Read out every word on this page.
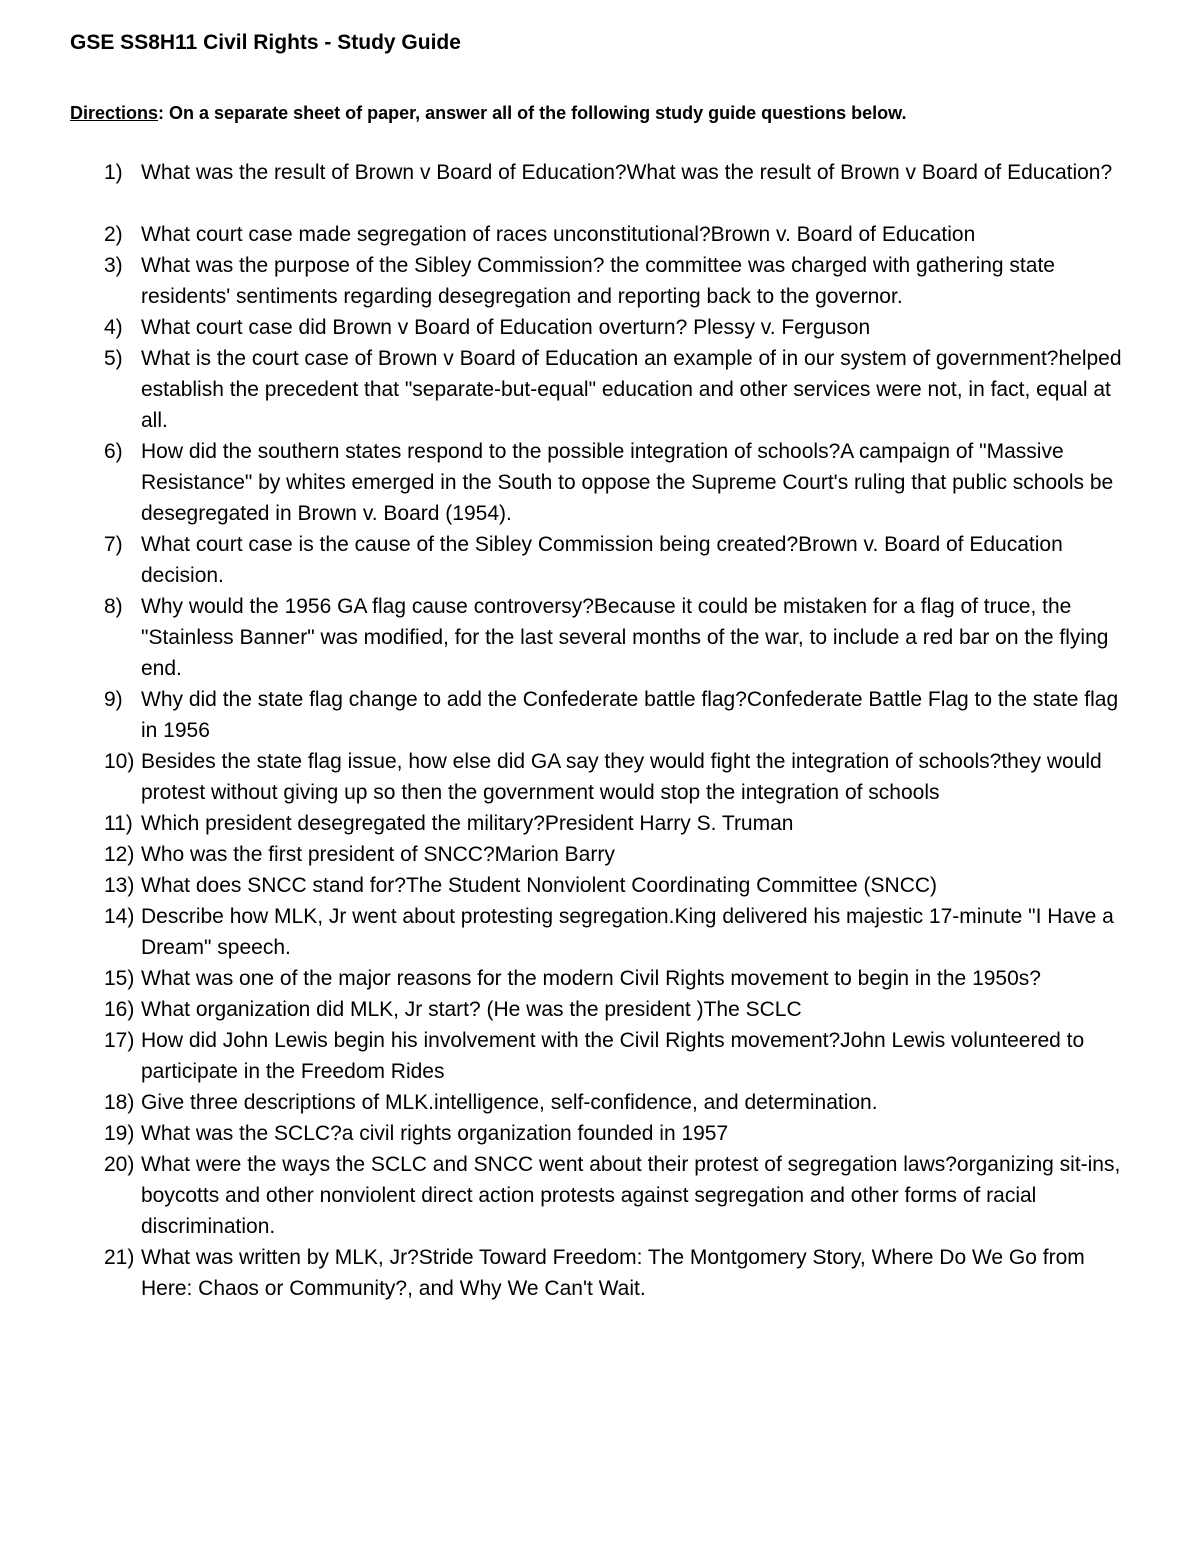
GSE SS8H11 Civil Rights - Study Guide

Directions: On a separate sheet of paper, answer all of the following study guide questions below.

1) What was the result of Brown v Board of Education?What was the result of Brown v Board of Education?
2) What court case made segregation of races unconstitutional?Brown v. Board of Education
3) What was the purpose of the Sibley Commission? the committee was charged with gathering state residents' sentiments regarding desegregation and reporting back to the governor.
4) What court case did Brown v Board of Education overturn? Plessy v. Ferguson
5) What is the court case of Brown v Board of Education an example of in our system of government?helped establish the precedent that "separate-but-equal" education and other services were not, in fact, equal at all.
6) How did the southern states respond to the possible integration of schools?A campaign of "Massive Resistance" by whites emerged in the South to oppose the Supreme Court's ruling that public schools be desegregated in Brown v. Board (1954).
7) What court case is the cause of the Sibley Commission being created?Brown v. Board of Education decision.
8) Why would the 1956 GA flag cause controversy?Because it could be mistaken for a flag of truce, the "Stainless Banner" was modified, for the last several months of the war, to include a red bar on the flying end.
9) Why did the state flag change to add the Confederate battle flag?Confederate Battle Flag to the state flag in 1956
10) Besides the state flag issue, how else did GA say they would fight the integration of schools?they would protest without giving up so then the government would stop the integration of schools
11) Which president desegregated the military?President Harry S. Truman
12) Who was the first president of SNCC?Marion Barry
13) What does SNCC stand for?The Student Nonviolent Coordinating Committee (SNCC)
14) Describe how MLK, Jr went about protesting segregation.King delivered his majestic 17-minute "I Have a Dream" speech.
15) What was one of the major reasons for the modern Civil Rights movement to begin in the 1950s?
16) What organization did MLK, Jr start? (He was the president )The SCLC
17) How did John Lewis begin his involvement with the Civil Rights movement?John Lewis volunteered to participate in the Freedom Rides
18) Give three descriptions of MLK.intelligence, self-confidence, and determination.
19) What was the SCLC?a civil rights organization founded in 1957
20) What were the ways the SCLC and SNCC went about their protest of segregation laws?organizing sit-ins, boycotts and other nonviolent direct action protests against segregation and other forms of racial discrimination.
21) What was written by MLK, Jr?Stride Toward Freedom: The Montgomery Story, Where Do We Go from Here: Chaos or Community?, and Why We Can't Wait.
